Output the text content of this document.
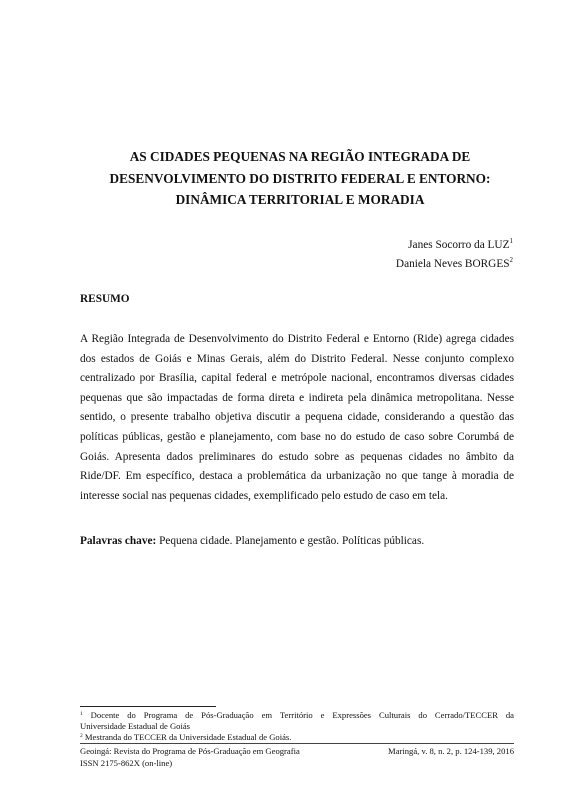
AS CIDADES PEQUENAS NA REGIÃO INTEGRADA DE
DESENVOLVIMENTO DO DISTRITO FEDERAL E ENTORNO:
DINÂMICA TERRITORIAL E MORADIA
Janes Socorro da LUZ$^1$
Daniela Neves BORGES$^2$
RESUMO
A Região Integrada de Desenvolvimento do Distrito Federal e Entorno (Ride) agrega cidades
dos estados de Goiás e Minas Gerais, além do Distrito Federal. Nesse conjunto complexo
centralizado por Brasília, capital federal e metrópole nacional, encontramos diversas cidades
pequenas que são impactadas de forma direta e indireta pela dinâmica metropolitana. Nesse
sentido, o presente trabalho objetiva discutir a pequena cidade, considerando a questão das
políticas públicas, gestão e planejamento, com base no do estudo de caso sobre Corumbá de
Goiás. Apresenta dados preliminares do estudo sobre as pequenas cidades no âmbito da
Ride/DF. Em específico, destaca a problemática da urbanização no que tange à moradia de
interesse social nas pequenas cidades, exemplificado pelo estudo de caso em tela.
Palavras chave: Pequena cidade. Planejamento e gestão. Políticas públicas.
$^1$ Docente do Programa de Pós-Graduação em Território e Expressões Culturais do Cerrado/TECCER da
Universidade Estadual de Goiás
$^2$ Mestranda do TECCER da Universidade Estadual de Goiás.
Geoingá: Revista do Programa de Pós-Graduação em Geografia
ISSN 2175-862X (on-line)
Maringá, v. 8, n. 2, p. 124-139, 2016
